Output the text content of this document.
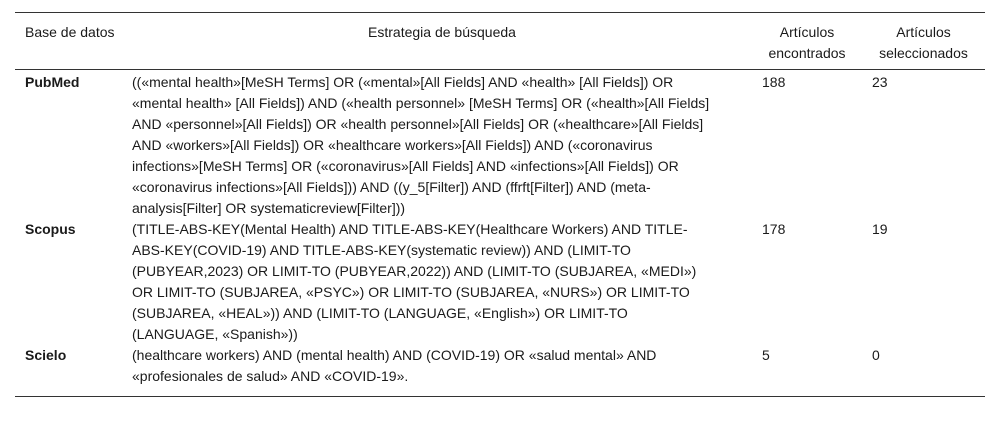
Base de datos	Estrategia de búsqueda	Artículos encontrados	Artículos seleccionados
PubMed	((«mental health»[MeSH Terms] OR («mental»[All Fields] AND «health» [All Fields]) OR «mental health» [All Fields]) AND («health personnel» [MeSH Terms] OR («health»[All Fields] AND «personnel»[All Fields]) OR «health personnel»[All Fields] OR («healthcare»[All Fields] AND «workers»[All Fields]) OR «healthcare workers»[All Fields]) AND («coronavirus infections»[MeSH Terms] OR («coronavirus»[All Fields] AND «infections»[All Fields]) OR «coronavirus infections»[All Fields])) AND ((y_5[Filter]) AND (ffrft[Filter]) AND (meta-analysis[Filter] OR systematicreview[Filter]))	188	23
Scopus	(TITLE-ABS-KEY(Mental Health) AND TITLE-ABS-KEY(Healthcare Workers) AND TITLE-ABS-KEY(COVID-19) AND TITLE-ABS-KEY(systematic review)) AND (LIMIT-TO (PUBYEAR,2023) OR LIMIT-TO (PUBYEAR,2022)) AND (LIMIT-TO (SUBJAREA, «MEDI») OR LIMIT-TO (SUBJAREA, «PSYC») OR LIMIT-TO (SUBJAREA, «NURS») OR LIMIT-TO (SUBJAREA, «HEAL»)) AND (LIMIT-TO (LANGUAGE, «English») OR LIMIT-TO (LANGUAGE, «Spanish»))	178	19
Scielo	(healthcare workers) AND (mental health) AND (COVID-19) OR «salud mental» AND «profesionales de salud» AND «COVID-19».	5	0
